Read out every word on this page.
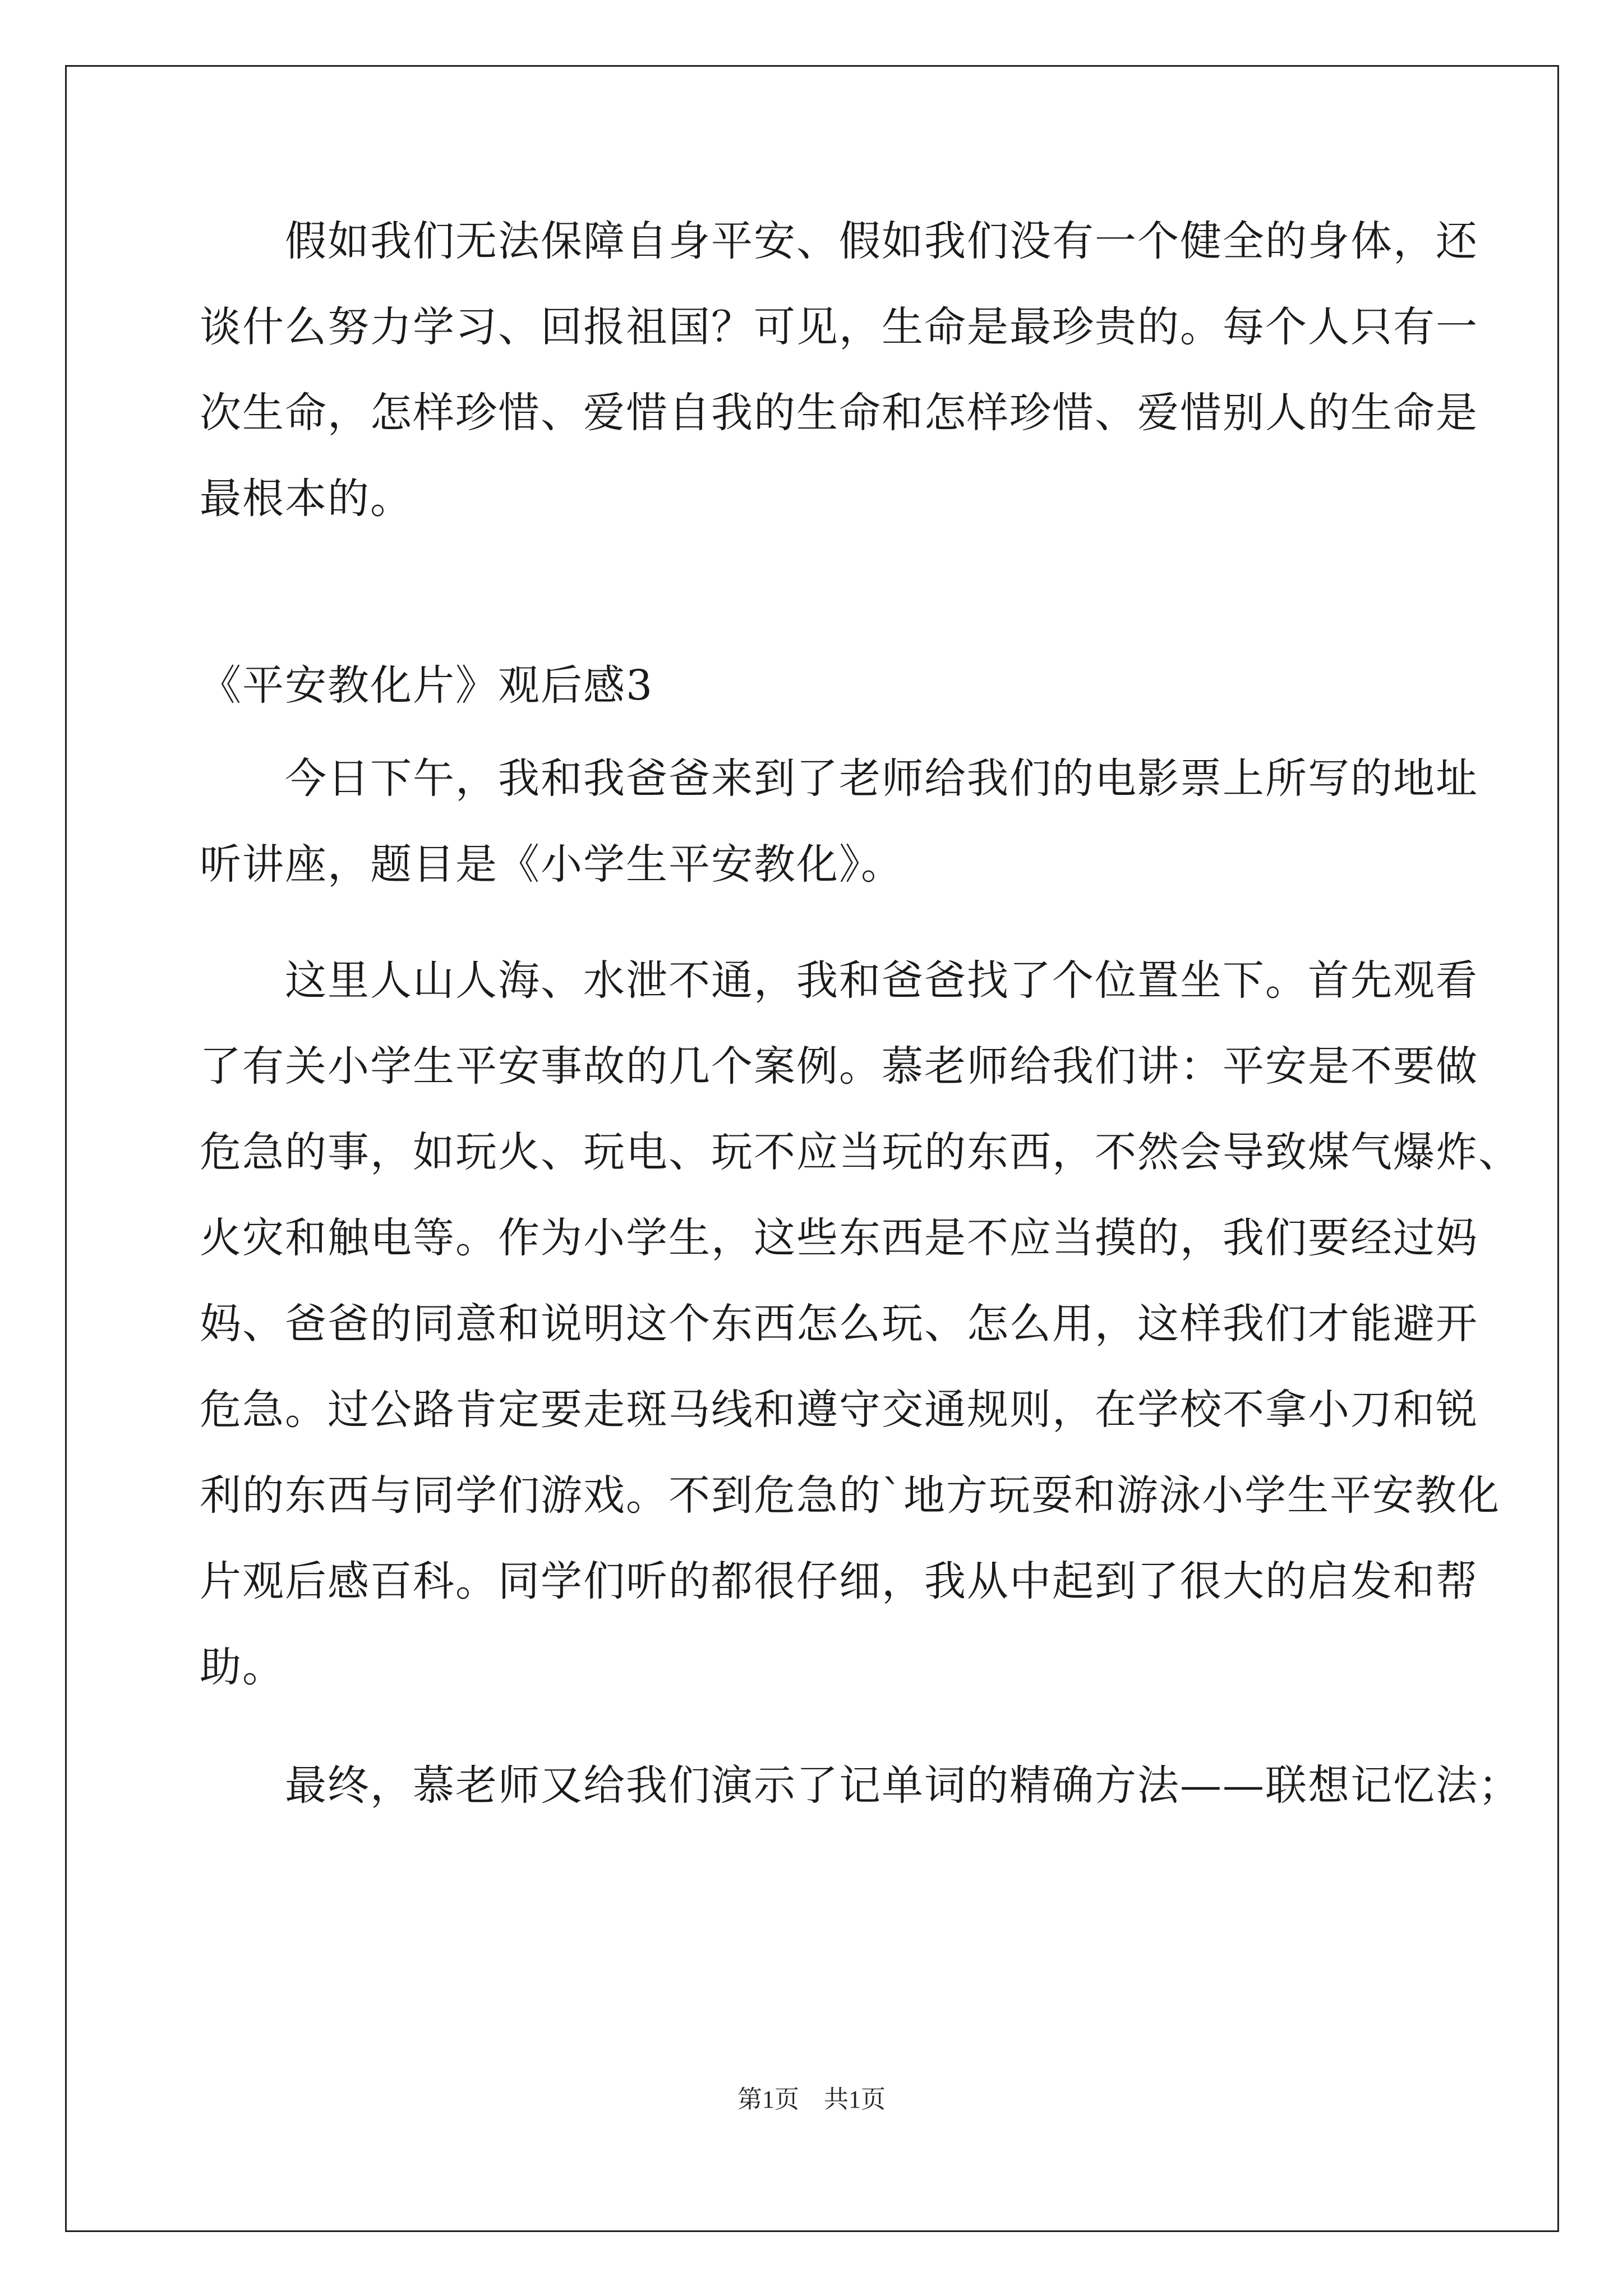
　　假如我们无法保障自身平安、假如我们没有一个健全的身体，还
谈什么努力学习、回报祖国？可见，生命是最珍贵的。每个人只有一
次生命，怎样珍惜、爱惜自我的生命和怎样珍惜、爱惜别人的生命是
最根本的。
《平安教化片》观后感3
　　今日下午，我和我爸爸来到了老师给我们的电影票上所写的地址
听讲座，题目是《小学生平安教化》。
　　这里人山人海、水泄不通，我和爸爸找了个位置坐下。首先观看
了有关小学生平安事故的几个案例。慕老师给我们讲：平安是不要做
危急的事，如玩火、玩电、玩不应当玩的东西，不然会导致煤气爆炸、
火灾和触电等。作为小学生，这些东西是不应当摸的，我们要经过妈
妈、爸爸的同意和说明这个东西怎么玩、怎么用，这样我们才能避开
危急。过公路肯定要走斑马线和遵守交通规则，在学校不拿小刀和锐
利的东西与同学们游戏。不到危急的`地方玩耍和游泳小学生平安教化
片观后感百科。同学们听的都很仔细，我从中起到了很大的启发和帮
助。
　　最终，慕老师又给我们演示了记单词的精确方法——联想记忆法；
第1页　共1页
